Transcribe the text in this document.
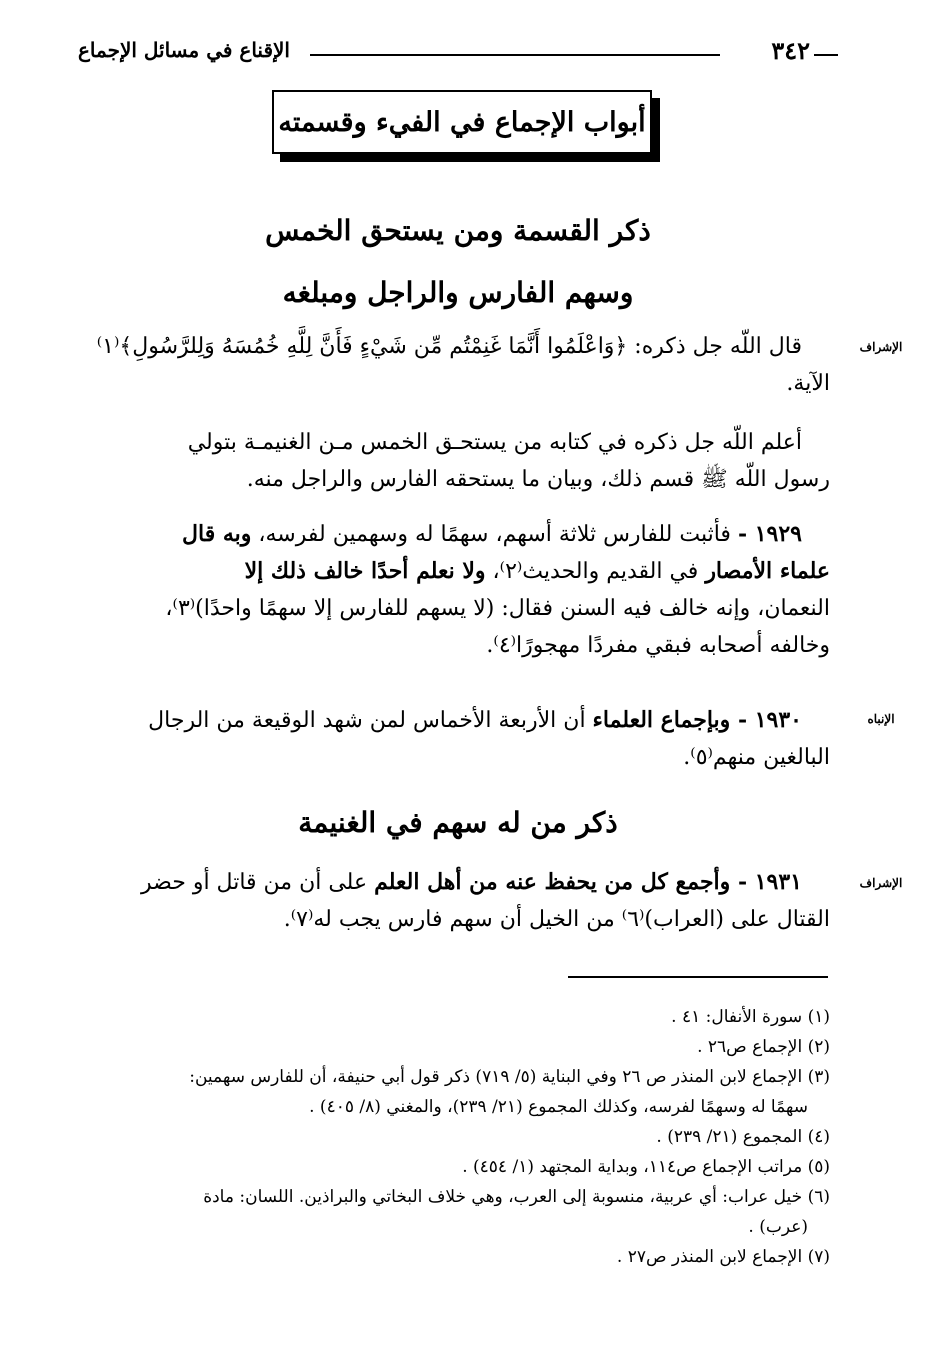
٣٤٢
الإقناع في مسائل الإجماع
أبواب الإجماع في الفيء وقسمته
ذكر القسمة ومن يستحق الخمس
وسهم الفارس والراجل ومبلغه
الإشراف
قال اللّه جل ذكره: ﴿وَاعْلَمُوا أَنَّمَا غَنِمْتُم مِّن شَيْءٍ فَأَنَّ لِلَّهِ خُمُسَهُ وَلِلرَّسُولِ﴾⁽١⁾
الآية.
أعلم اللّه جل ذكره في كتابه من يستحـق الخمس مـن الغنيمـة بتولي
رسول اللّه ﷺ قسم ذلك، وبيان ما يستحقه الفارس والراجل منه.
١٩٢٩ - فأثبت للفارس ثلاثة أسهم، سهمًا له وسهمين لفرسه، وبه قال
علماء الأمصار في القديم والحديث⁽٢⁾، ولا نعلم أحدًا خالف ذلك إلا
النعمان، وإنه خالف فيه السنن فقال: (لا يسهم للفارس إلا سهمًا واحدًا)⁽٣⁾،
وخالفه أصحابه فبقي مفردًا مهجورًا⁽٤⁾.
الإنباه
١٩٣٠ - وبإجماع العلماء أن الأربعة الأخماس لمن شهد الوقيعة من الرجال
البالغين منهم⁽٥⁾.
ذكر من له سهم في الغنيمة
الإشراف
١٩٣١ - وأجمع كل من يحفظ عنه من أهل العلم على أن من قاتل أو حضر
القتال على (العراب)⁽٦⁾ من الخيل أن سهم فارس يجب له⁽٧⁾.
(١) سورة الأنفال: ٤١ .
(٢) الإجماع ص٢٦ .
(٣) الإجماع لابن المنذر ص ٢٦ وفي البناية (٥/ ٧١٩) ذكر قول أبي حنيفة، أن للفارس سهمين:
سهمًا له وسهمًا لفرسه، وكذلك المجموع (٢١/ ٢٣٩)، والمغني (٨/ ٤٠٥) .
(٤) المجموع (٢١/ ٢٣٩) .
(٥) مراتب الإجماع ص١١٤، وبداية المجتهد (١/ ٤٥٤) .
(٦) خيل عراب: أي عربية، منسوبة إلى العرب، وهي خلاف البخاتي والبراذين. اللسان: مادة
(عرب) .
(٧) الإجماع لابن المنذر ص٢٧ .
